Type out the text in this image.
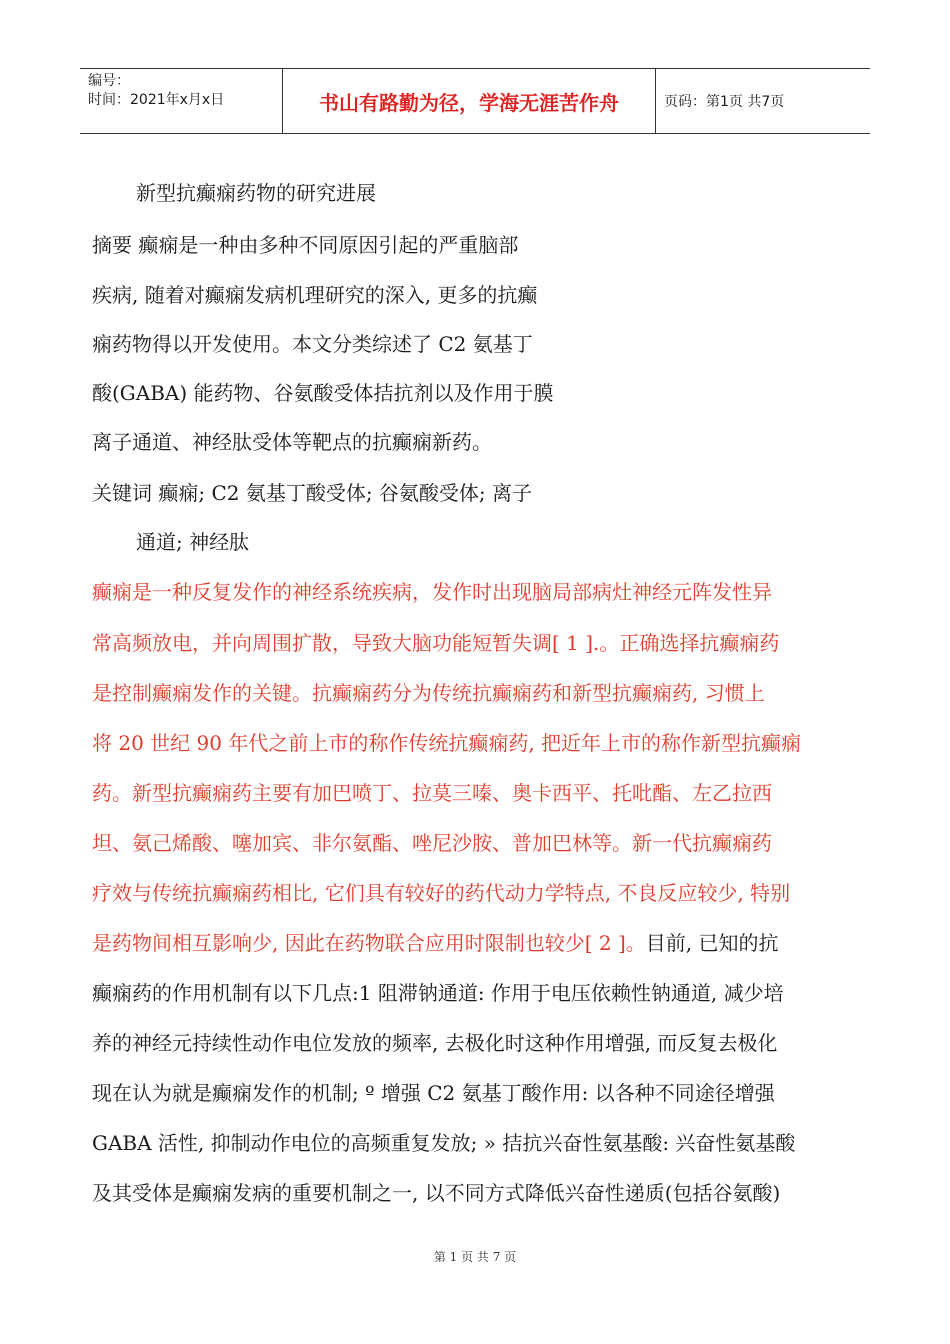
编号：
时间：2021年x月x日	书山有路勤为径，学海无涯苦作舟	页码：第1页 共7页
新型抗癫痫药物的研究进展
摘要 癫痫是一种由多种不同原因引起的严重脑部
疾病, 随着对癫痫发病机理研究的深入, 更多的抗癫
痫药物得以开发使用。本文分类综述了 C2 氨基丁
酸(GABA) 能药物、谷氨酸受体拮抗剂以及作用于膜
离子通道、神经肽受体等靶点的抗癫痫新药。
关键词 癫痫; C2 氨基丁酸受体; 谷氨酸受体; 离子
通道; 神经肽
癫痫是一种反复发作的神经系统疾病，发作时出现脑局部病灶神经元阵发性异
常高频放电，并向周围扩散，导致大脑功能短暂失调[ 1 ].。正确选择抗癫痫药
是控制癫痫发作的关键。抗癫痫药分为传统抗癫痫药和新型抗癫痫药, 习惯上
将 20 世纪 90 年代之前上市的称作传统抗癫痫药, 把近年上市的称作新型抗癫痫
药。新型抗癫痫药主要有加巴喷丁、拉莫三嗪、奥卡西平、托吡酯、左乙拉西
坦、氨己烯酸、噻加宾、非尔氨酯、唑尼沙胺、普加巴林等。新一代抗癫痫药
疗效与传统抗癫痫药相比, 它们具有较好的药代动力学特点, 不良反应较少, 特别
是药物间相互影响少, 因此在药物联合应用时限制也较少[ 2 ]。目前, 已知的抗
癫痫药的作用机制有以下几点:1 阻滞钠通道: 作用于电压依赖性钠通道, 减少培
养的神经元持续性动作电位发放的频率, 去极化时这种作用增强, 而反复去极化
现在认为就是癫痫发作的机制; º 增强 C2 氨基丁酸作用: 以各种不同途径增强
GABA 活性, 抑制动作电位的高频重复发放; » 拮抗兴奋性氨基酸: 兴奋性氨基酸
及其受体是癫痫发病的重要机制之一, 以不同方式降低兴奋性递质(包括谷氨酸)
第 1 页 共 7 页
